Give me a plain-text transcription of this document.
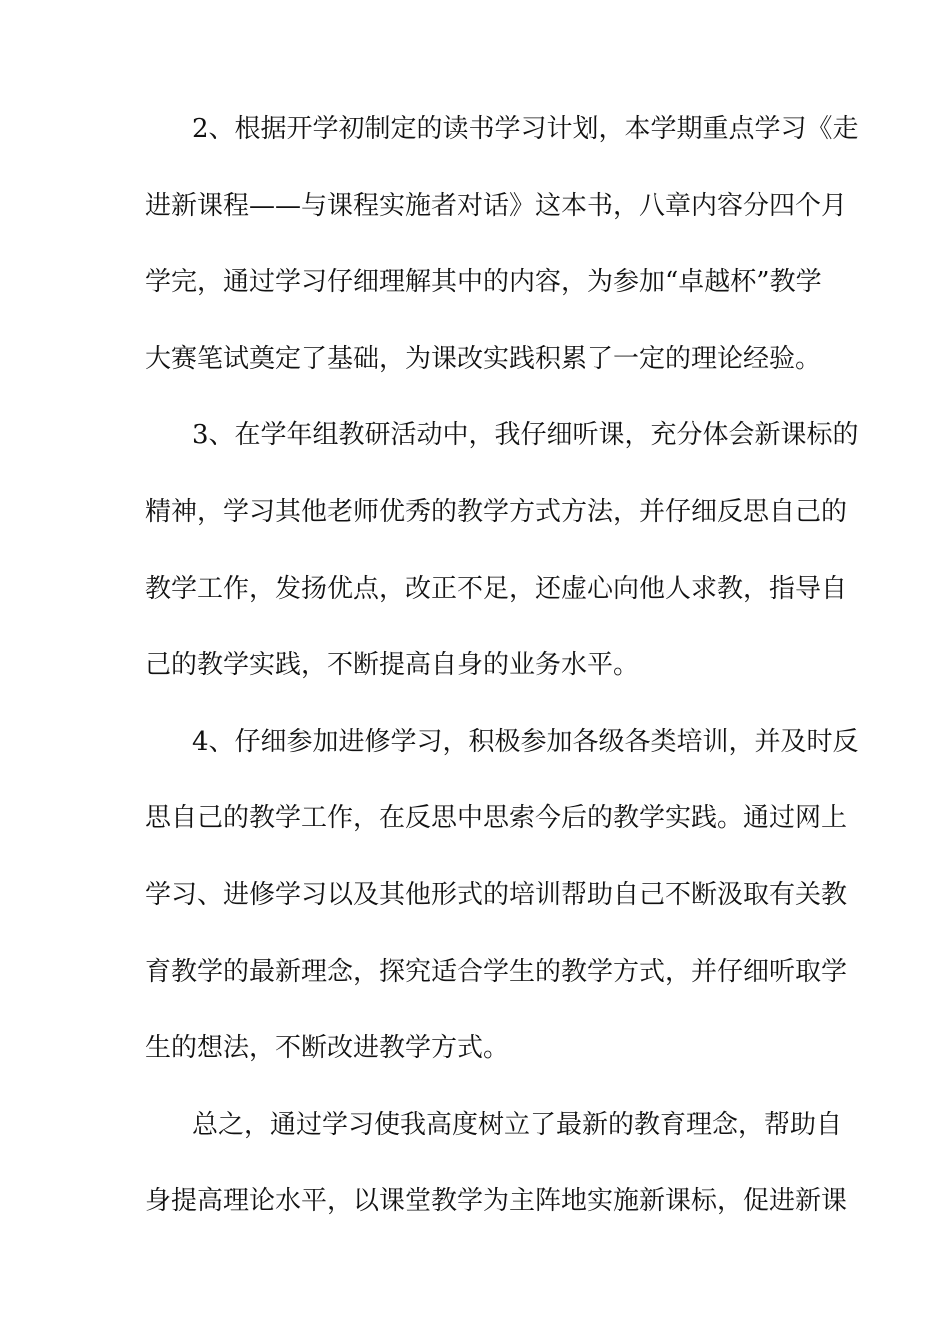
2、根据开学初制定的读书学习计划，本学期重点学习《走
进新课程——与课程实施者对话》这本书，八章内容分四个月
学完，通过学习仔细理解其中的内容，为参加“卓越杯”教学
大赛笔试奠定了基础，为课改实践积累了一定的理论经验。
3、在学年组教研活动中，我仔细听课，充分体会新课标的
精神，学习其他老师优秀的教学方式方法，并仔细反思自己的
教学工作，发扬优点，改正不足，还虚心向他人求教，指导自
己的教学实践，不断提高自身的业务水平。
4、仔细参加进修学习，积极参加各级各类培训，并及时反
思自己的教学工作，在反思中思索今后的教学实践。通过网上
学习、进修学习以及其他形式的培训帮助自己不断汲取有关教
育教学的最新理念，探究适合学生的教学方式，并仔细听取学
生的想法，不断改进教学方式。
总之，通过学习使我高度树立了最新的教育理念，帮助自
身提高理论水平，以课堂教学为主阵地实施新课标，促进新课
